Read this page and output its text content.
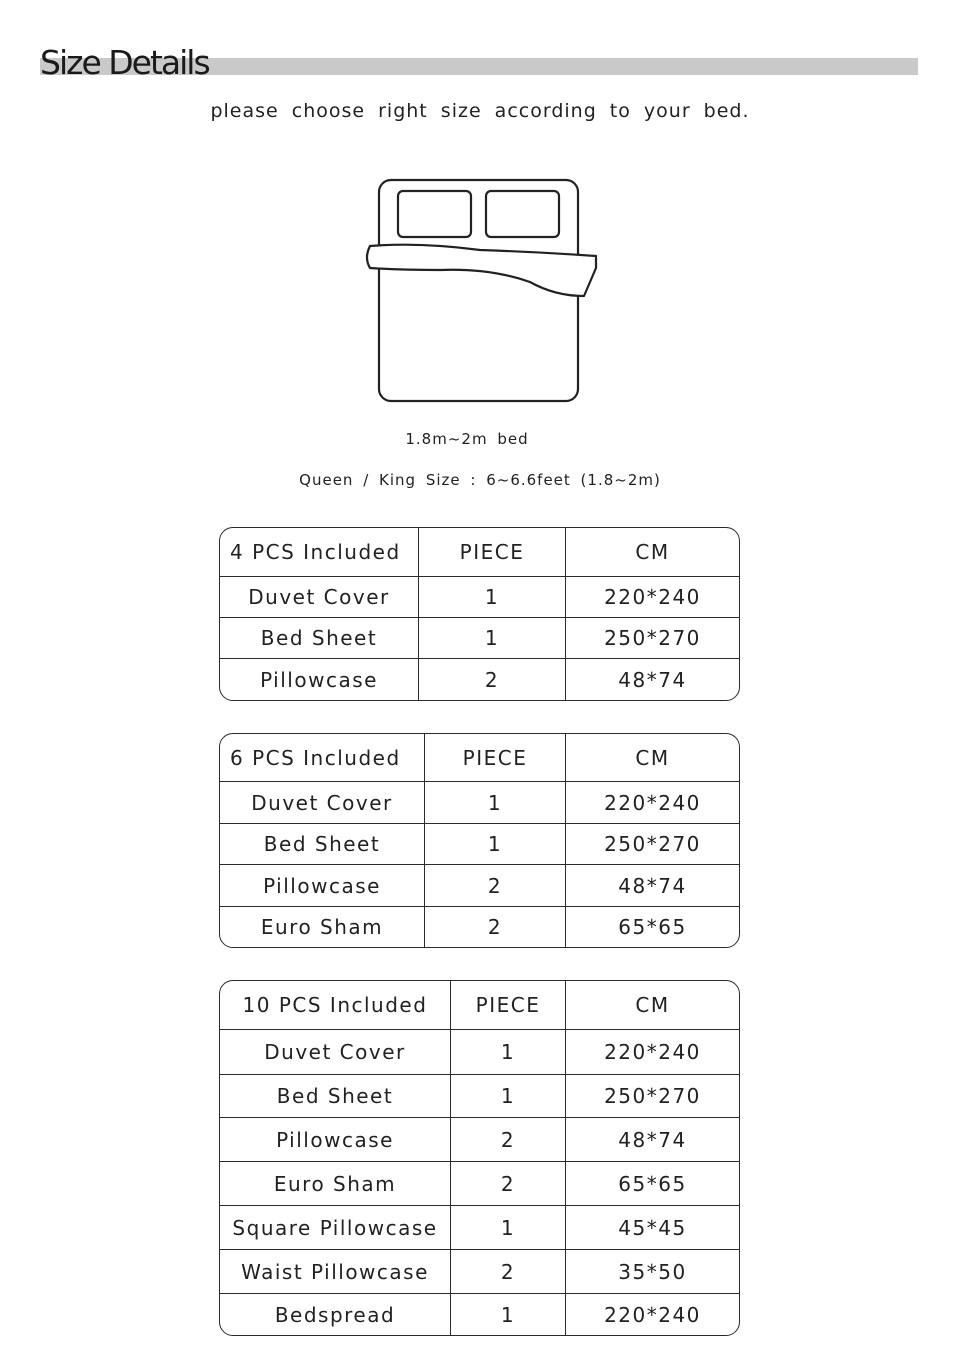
Size Details
please choose right size according to your bed.
1.8m~2m bed
Queen / King Size : 6~6.6feet (1.8~2m)
4 PCS Included	PIECE	CM
Duvet Cover	1	220*240
Bed Sheet	1	250*270
Pillowcase	2	48*74
6 PCS Included	PIECE	CM
Duvet Cover	1	220*240
Bed Sheet	1	250*270
Pillowcase	2	48*74
Euro Sham	2	65*65
10 PCS Included	PIECE	CM
Duvet Cover	1	220*240
Bed Sheet	1	250*270
Pillowcase	2	48*74
Euro Sham	2	65*65
Square Pillowcase	1	45*45
Waist Pillowcase	2	35*50
Bedspread	1	220*240
